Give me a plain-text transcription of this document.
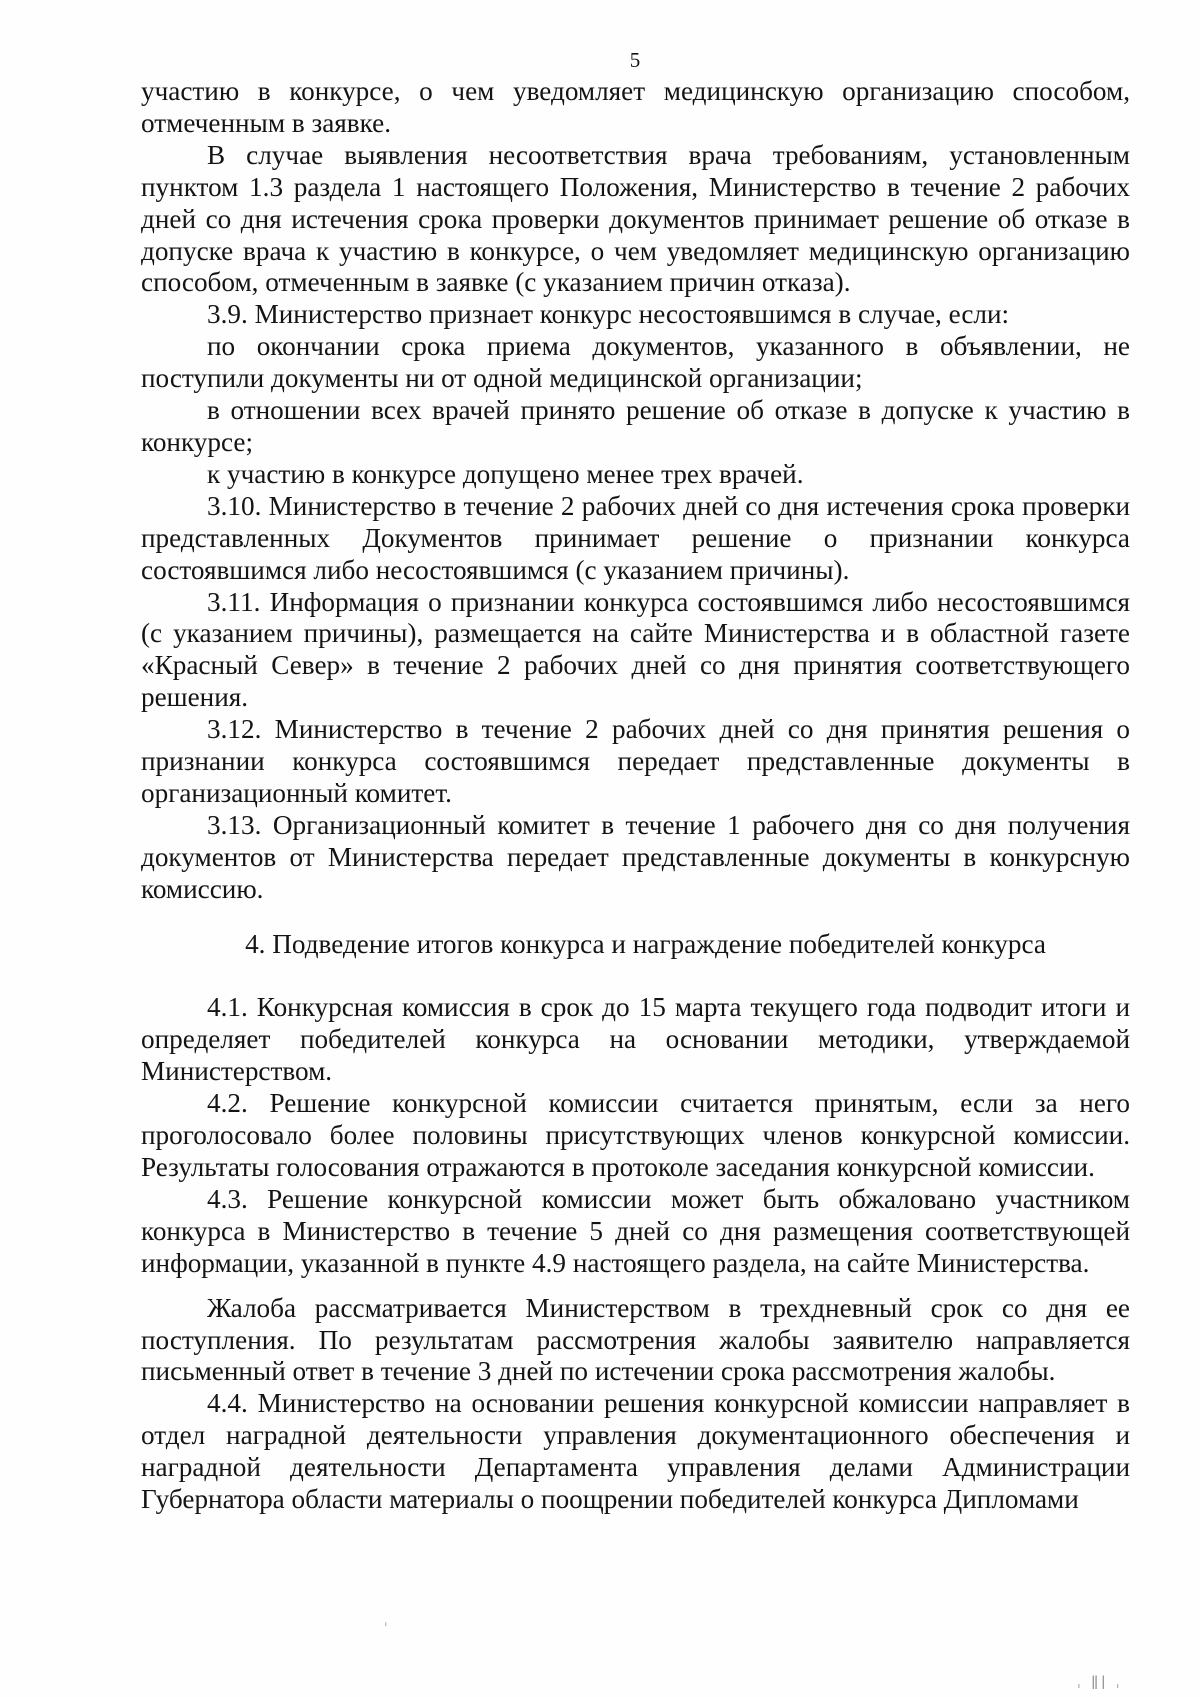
5

участию в конкурсе, о чем уведомляет медицинскую организацию способом, отмеченным в заявке.

В случае выявления несоответствия врача требованиям, установленным пунктом 1.3 раздела 1 настоящего Положения, Министерство в течение 2 рабочих дней со дня истечения срока проверки документов принимает решение об отказе в допуске врача к участию в конкурсе, о чем уведомляет медицинскую организацию способом, отмеченным в заявке (с указанием причин отказа).

3.9. Министерство признает конкурс несостоявшимся в случае, если:

по окончании срока приема документов, указанного в объявлении, не поступили документы ни от одной медицинской организации;

в отношении всех врачей принято решение об отказе в допуске к участию в конкурсе;

к участию в конкурсе допущено менее трех врачей.

3.10. Министерство в течение 2 рабочих дней со дня истечения срока проверки представленных Документов принимает решение о признании конкурса состоявшимся либо несостоявшимся (с указанием причины).

3.11. Информация о признании конкурса состоявшимся либо несостоявшимся (с указанием причины), размещается на сайте Министерства и в областной газете «Красный Север» в течение 2 рабочих дней со дня принятия соответствующего решения.

3.12. Министерство в течение 2 рабочих дней со дня принятия решения о признании конкурса состоявшимся передает представленные документы в организационный комитет.

3.13. Организационный комитет в течение 1 рабочего дня со дня получения документов от Министерства передает представленные документы в конкурсную комиссию.

4. Подведение итогов конкурса и награждение победителей конкурса

4.1. Конкурсная комиссия в срок до 15 марта текущего года подводит итоги и определяет победителей конкурса на основании методики, утверждаемой Министерством.

4.2. Решение конкурсной комиссии считается принятым, если за него проголосовало более половины присутствующих членов конкурсной комиссии. Результаты голосования отражаются в протоколе заседания конкурсной комиссии.

4.3. Решение конкурсной комиссии может быть обжаловано участником конкурса в Министерство в течение 5 дней со дня размещения соответствующей информации, указанной в пункте 4.9 настоящего раздела, на сайте Министерства.

Жалоба рассматривается Министерством в трехдневный срок со дня ее поступления. По результатам рассмотрения жалобы заявителю направляется письменный ответ в течение 3 дней по истечении срока рассмотрения жалобы.

4.4. Министерство на основании решения конкурсной комиссии направляет в отдел наградной деятельности управления документационного обеспечения и наградной деятельности Департамента управления делами Администрации Губернатора области материалы о поощрении победителей конкурса Дипломами

ˌ
ˌ ǁǀ ˌ
